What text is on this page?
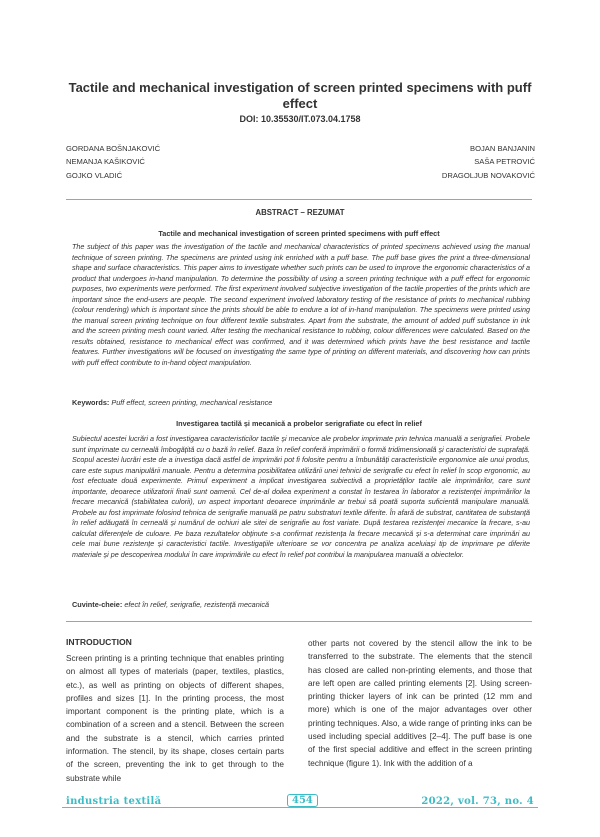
Tactile and mechanical investigation of screen printed specimens with puff effect
DOI: 10.35530/IT.073.04.1758
GORDANA BOŠNJAKOVIĆ
NEMANJA KAŠIKOVIĆ
GOJKO VLADIĆ
BOJAN BANJANIN
SAŠA PETROVIĆ
DRAGOLJUB NOVAKOVIĆ
ABSTRACT – REZUMAT
Tactile and mechanical investigation of screen printed specimens with puff effect

The subject of this paper was the investigation of the tactile and mechanical characteristics of printed specimens achieved using the manual technique of screen printing. The specimens are printed using ink enriched with a puff base. The puff base gives the print a three-dimensional shape and surface characteristics. This paper aims to investigate whether such prints can be used to improve the ergonomic characteristics of a product that undergoes in-hand manipulation. To determine the possibility of using a screen printing technique with a puff effect for ergonomic purposes, two experiments were performed. The first experiment involved subjective investigation of the tactile properties of the prints which are important since the end-users are people. The second experiment involved laboratory testing of the resistance of prints to mechanical rubbing (colour rendering) which is important since the prints should be able to endure a lot of in-hand manipulation. The specimens were printed using the manual screen printing technique on four different textile substrates. Apart from the substrate, the amount of added puff substance in ink and the screen printing mesh count varied. After testing the mechanical resistance to rubbing, colour differences were calculated. Based on the results obtained, resistance to mechanical effect was confirmed, and it was determined which prints have the best resistance and tactile features. Further investigations will be focused on investigating the same type of printing on different materials, and discovering how can prints with puff effect contribute to in-hand object manipulation.

Keywords: Puff effect, screen printing, mechanical resistance
Investigarea tactilă și mecanică a probelor serigrafiate cu efect în relief

Subiectul acestei lucrări a fost investigarea caracteristicilor tactile și mecanice ale probelor imprimate prin tehnica manuală a serigrafiei. Probele sunt imprimate cu cerneală îmbogățită cu o bază în relief. Baza în relief conferă imprimării o formă tridimensională și caracteristici de suprafață. Scopul acestei lucrări este de a investiga dacă astfel de imprimări pot fi folosite pentru a îmbunătăți caracteristicile ergonomice ale unui produs, care este supus manipulării manuale. Pentru a determina posibilitatea utilizării unei tehnici de serigrafie cu efect în relief în scop ergonomic, au fost efectuate două experimente. Primul experiment a implicat investigarea subiectivă a proprietăților tactile ale imprimărilor, care sunt importante, deoarece utilizatorii finali sunt oamenii. Cel de-al doilea experiment a constat în testarea în laborator a rezistenței imprimărilor la frecare mecanică (stabilitatea culorii), un aspect important deoarece imprimările ar trebui să poată suporta suficientă manipulare manuală. Probele au fost imprimate folosind tehnica de serigrafie manuală pe patru substraturi textile diferite. În afară de substrat, cantitatea de substanță în relief adăugată în cerneală și numărul de ochiuri ale sitei de serigrafie au fost variate. După testarea rezistenței mecanice la frecare, s-au calculat diferențele de culoare. Pe baza rezultatelor obținute s-a confirmat rezistența la frecare mecanică și s-a determinat care imprimări au cele mai bune rezistențe și caracteristici tactile. Investigațiile ulterioare se vor concentra pe analiza aceluiași tip de imprimare pe diferite materiale și pe descoperirea modului în care imprimările cu efect în relief pot contribui la manipularea manuală a obiectelor.

Cuvinte-cheie: efect în relief, serigrafie, rezistență mecanică
INTRODUCTION

Screen printing is a printing technique that enables printing on almost all types of materials (paper, textiles, plastics, etc.), as well as printing on objects of different shapes, profiles and sizes [1]. In the printing process, the most important component is the printing plate, which is a combination of a screen and a stencil. Between the screen and the substrate is a stencil, which carries printed information. The stencil, by its shape, closes certain parts of the screen, preventing the ink to get through to the substrate while

other parts not covered by the stencil allow the ink to be transferred to the substrate. The elements that the stencil has closed are called non-printing elements, and those that are left open are called printing elements [2]. Using screen-printing thicker layers of ink can be printed (12 mm and more) which is one of the major advantages over other printing techniques. Also, a wide range of printing inks can be used including special additives [2–4]. The puff base is one of the first special additive and effect in the screen printing technique (figure 1). Ink with the addition of a

industria textilă	454	2022, vol. 73, no. 4
